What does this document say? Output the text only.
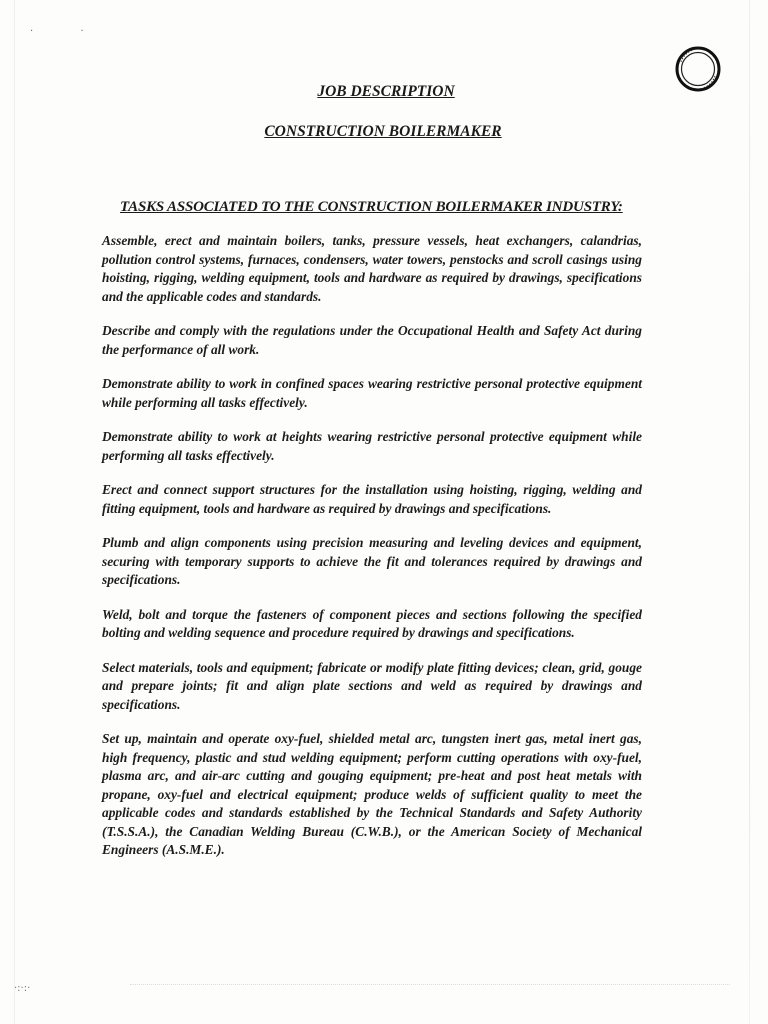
· ·
JOB DESCRIPTION
CONSTRUCTION BOILERMAKER
TASKS ASSOCIATED TO THE CONSTRUCTION BOILERMAKER INDUSTRY:
Assemble, erect and maintain boilers, tanks, pressure vessels, heat exchangers, calandrias, pollution control systems, furnaces, condensers, water towers, penstocks and scroll casings using hoisting, rigging, welding equipment, tools and hardware as required by drawings, specifications and the applicable codes and standards.
Describe and comply with the regulations under the Occupational Health and Safety Act during the performance of all work.
Demonstrate ability to work in confined spaces wearing restrictive personal protective equipment while performing all tasks effectively.
Demonstrate ability to work at heights wearing restrictive personal protective equipment while performing all tasks effectively.
Erect and connect support structures for the installation using hoisting, rigging, welding and fitting equipment, tools and hardware as required by drawings and specifications.
Plumb and align components using precision measuring and leveling devices and equipment, securing with temporary supports to achieve the fit and tolerances required by drawings and specifications.
Weld, bolt and torque the fasteners of component pieces and sections following the specified bolting and welding sequence and procedure required by drawings and specifications.
Select materials, tools and equipment; fabricate or modify plate fitting devices; clean, grid, gouge and prepare joints; fit and align plate sections and weld as required by drawings and specifications.
Set up, maintain and operate oxy-fuel, shielded metal arc, tungsten inert gas, metal inert gas, high frequency, plastic and stud welding equipment; perform cutting operations with oxy-fuel, plasma arc, and air-arc cutting and gouging equipment; pre-heat and post heat metals with propane, oxy-fuel and electrical equipment; produce welds of sufficient quality to meet the applicable codes and standards established by the Technical Standards and Safety Authority (T.S.S.A.), the Canadian Welding Bureau (C.W.B.), or the American Society of Mechanical Engineers (A.S.M.E.).
·:·:·
